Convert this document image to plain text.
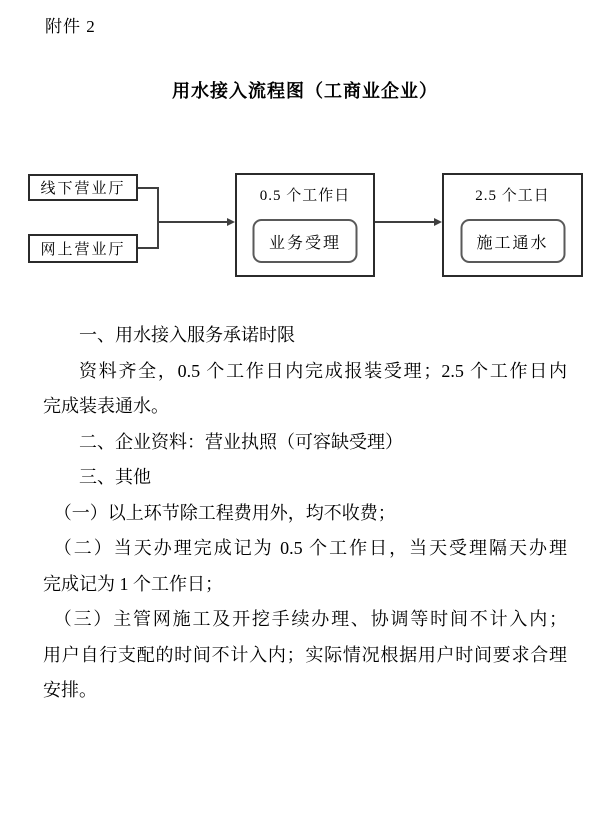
附件 2
用水接入流程图（工商业企业）
线下营业厅
网上营业厅
0.5 个工作日
业务受理
2.5 个工日
施工通水
一、用水接入服务承诺时限
资料齐全，0.5 个工作日内完成报装受理；2.5 个工作日内
完成装表通水。
二、企业资料：营业执照（可容缺受理）
三、其他
（一）以上环节除工程费用外，均不收费；
（二）当天办理完成记为 0.5 个工作日，当天受理隔天办理
完成记为 1 个工作日；
（三）主管网施工及开挖手续办理、协调等时间不计入内；
用户自行支配的时间不计入内；实际情况根据用户时间要求合理
安排。
